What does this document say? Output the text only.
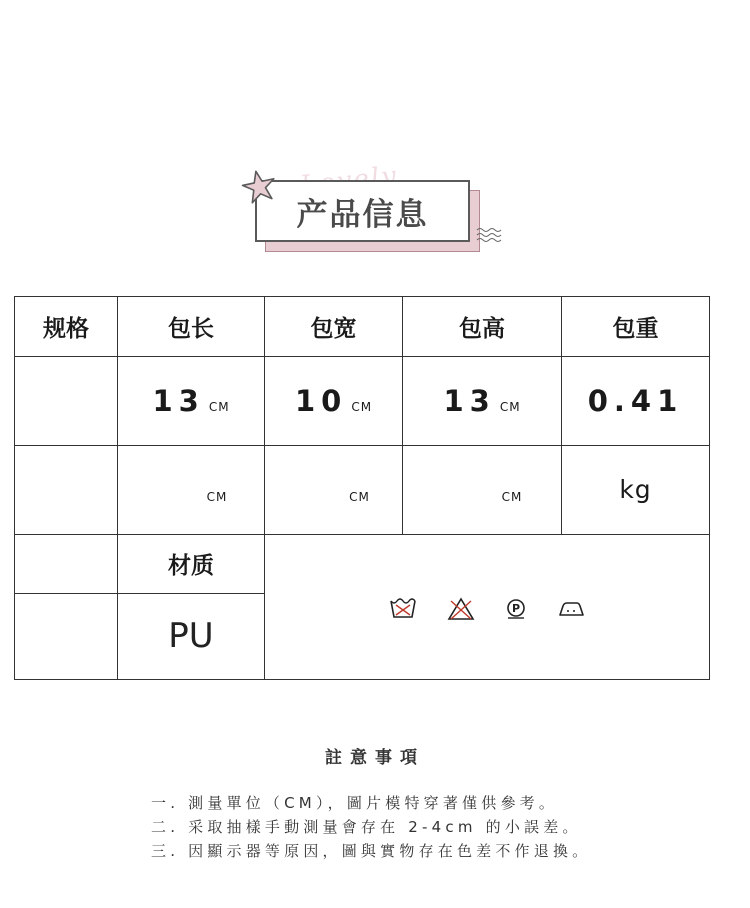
产品信息
规格	包长	包宽	包高	包重
	13 CM	10 CM	13 CM	0.41
	$_{CM}$	$_{CM}$	$_{CM}$	kg
	材质	P		

	PU			
註意事項
一. 測量單位（CM），圖片模特穿著僅供參考。
二. 采取抽樣手動測量會存在 2-4cm 的小誤差。
三. 因顯示器等原因，圖與實物存在色差不作退換。
